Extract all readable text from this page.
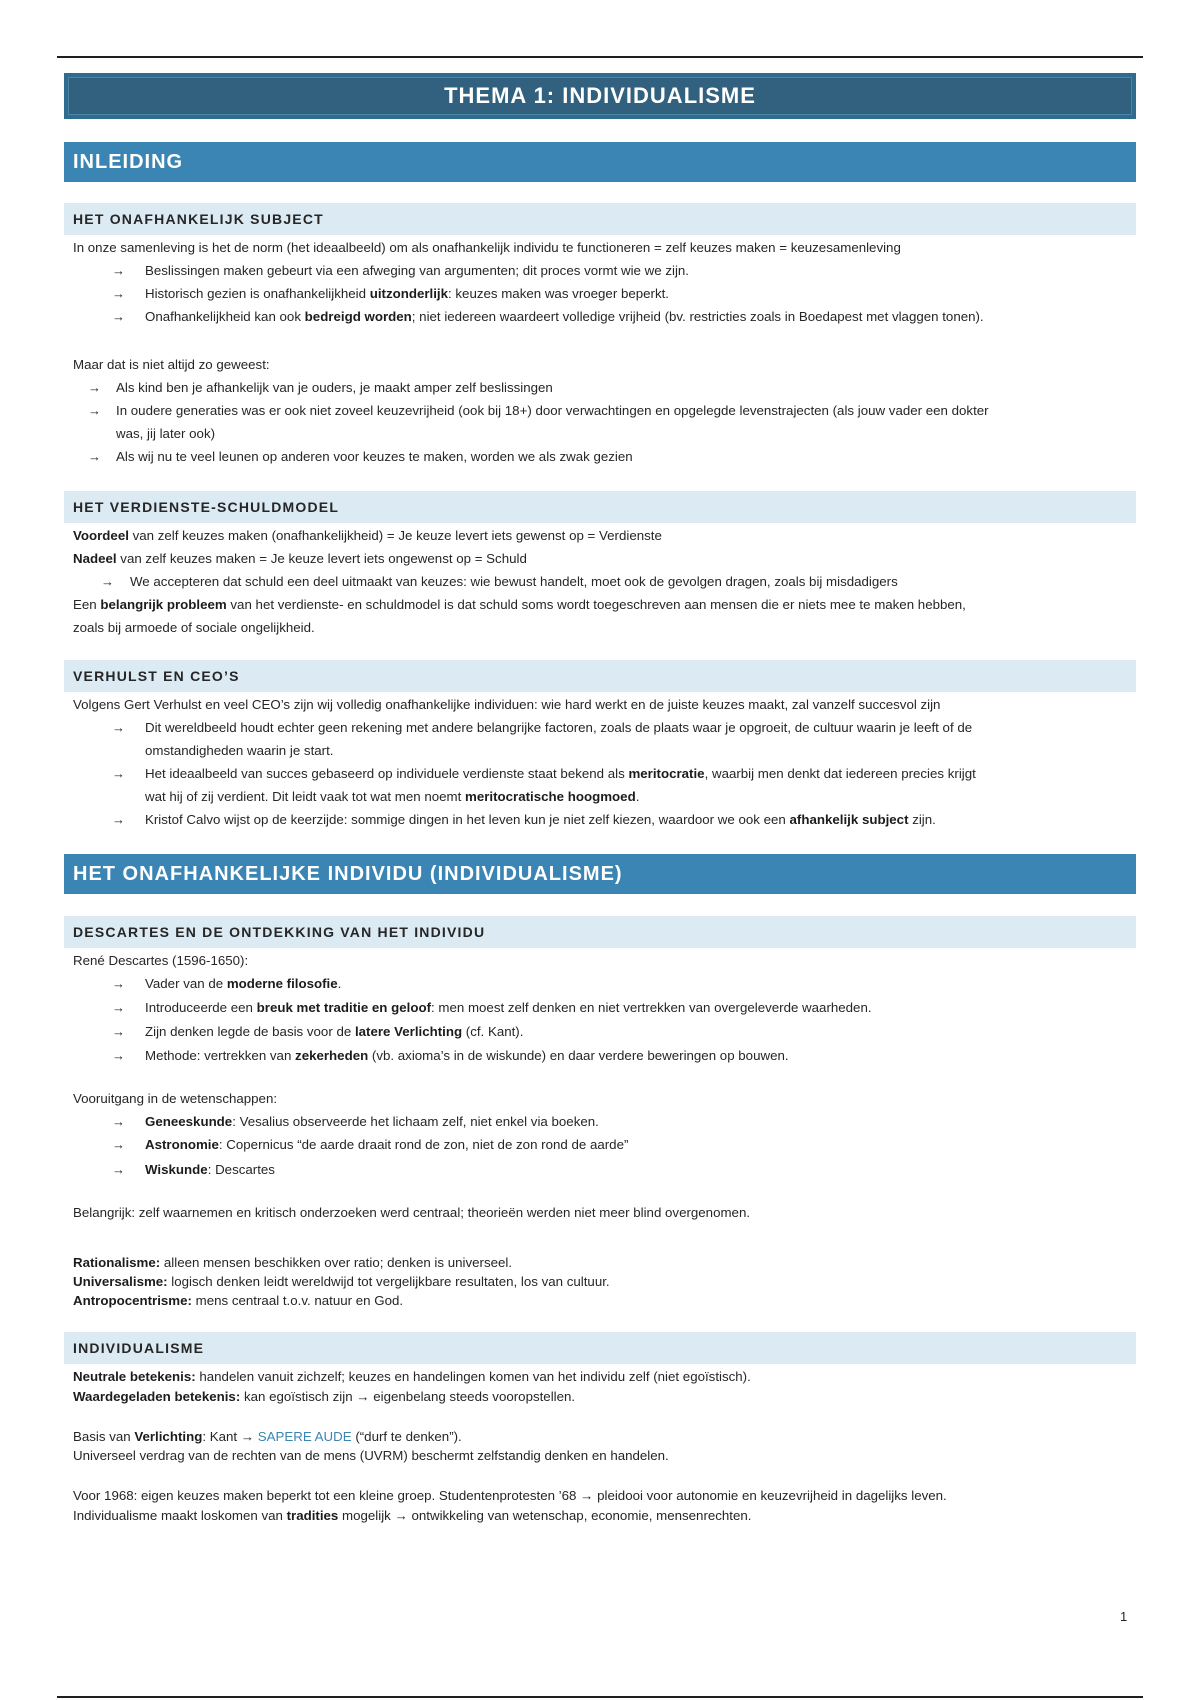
THEMA 1: INDIVIDUALISME
INLEIDING
HET ONAFHANKELIJK SUBJECT
In onze samenleving is het de norm (het ideaalbeeld) om als onafhankelijk individu te functioneren = zelf keuzes maken = keuzesamenleving
→ Beslissingen maken gebeurt via een afweging van argumenten; dit proces vormt wie we zijn.
→ Historisch gezien is onafhankelijkheid uitzonderlijk: keuzes maken was vroeger beperkt.
→ Onafhankelijkheid kan ook bedreigd worden; niet iedereen waardeert volledige vrijheid (bv. restricties zoals in Boedapest met vlaggen tonen).
Maar dat is niet altijd zo geweest:
→ Als kind ben je afhankelijk van je ouders, je maakt amper zelf beslissingen
→ In oudere generaties was er ook niet zoveel keuzevrijheid (ook bij 18+) door verwachtingen en opgelegde levenstrajecten (als jouw vader een dokter
was, jij later ook)
→ Als wij nu te veel leunen op anderen voor keuzes te maken, worden we als zwak gezien
HET VERDIENSTE-SCHULDMODEL
Voordeel van zelf keuzes maken (onafhankelijkheid) = Je keuze levert iets gewenst op = Verdienste
Nadeel van zelf keuzes maken = Je keuze levert iets ongewenst op = Schuld
→ We accepteren dat schuld een deel uitmaakt van keuzes: wie bewust handelt, moet ook de gevolgen dragen, zoals bij misdadigers
Een belangrijk probleem van het verdienste- en schuldmodel is dat schuld soms wordt toegeschreven aan mensen die er niets mee te maken hebben,
zoals bij armoede of sociale ongelijkheid.
VERHULST EN CEO’S
Volgens Gert Verhulst en veel CEO’s zijn wij volledig onafhankelijke individuen: wie hard werkt en de juiste keuzes maakt, zal vanzelf succesvol zijn
→ Dit wereldbeeld houdt echter geen rekening met andere belangrijke factoren, zoals de plaats waar je opgroeit, de cultuur waarin je leeft of de
omstandigheden waarin je start.
→ Het ideaalbeeld van succes gebaseerd op individuele verdienste staat bekend als meritocratie, waarbij men denkt dat iedereen precies krijgt
wat hij of zij verdient. Dit leidt vaak tot wat men noemt meritocratische hoogmoed.
→ Kristof Calvo wijst op de keerzijde: sommige dingen in het leven kun je niet zelf kiezen, waardoor we ook een afhankelijk subject zijn.
HET ONAFHANKELIJKE INDIVIDU (INDIVIDUALISME)
DESCARTES EN DE ONTDEKKING VAN HET INDIVIDU
René Descartes (1596-1650):
→ Vader van de moderne filosofie.
→ Introduceerde een breuk met traditie en geloof: men moest zelf denken en niet vertrekken van overgeleverde waarheden.
→ Zijn denken legde de basis voor de latere Verlichting (cf. Kant).
→ Methode: vertrekken van zekerheden (vb. axioma’s in de wiskunde) en daar verdere beweringen op bouwen.
Vooruitgang in de wetenschappen:
→ Geneeskunde: Vesalius observeerde het lichaam zelf, niet enkel via boeken.
→ Astronomie: Copernicus “de aarde draait rond de zon, niet de zon rond de aarde”
→ Wiskunde: Descartes
Belangrijk: zelf waarnemen en kritisch onderzoeken werd centraal; theorieën werden niet meer blind overgenomen.
Rationalisme: alleen mensen beschikken over ratio; denken is universeel.
Universalisme: logisch denken leidt wereldwijd tot vergelijkbare resultaten, los van cultuur.
Antropocentrisme: mens centraal t.o.v. natuur en God.
INDIVIDUALISME
Neutrale betekenis: handelen vanuit zichzelf; keuzes en handelingen komen van het individu zelf (niet egoïstisch).
Waardegeladen betekenis: kan egoïstisch zijn → eigenbelang steeds vooropstellen.
Basis van Verlichting: Kant → SAPERE AUDE (“durf te denken”).
Universeel verdrag van de rechten van de mens (UVRM) beschermt zelfstandig denken en handelen.
Voor 1968: eigen keuzes maken beperkt tot een kleine groep. Studentenprotesten ’68 → pleidooi voor autonomie en keuzevrijheid in dagelijks leven.
Individualisme maakt loskomen van tradities mogelijk → ontwikkeling van wetenschap, economie, mensenrechten.
1
